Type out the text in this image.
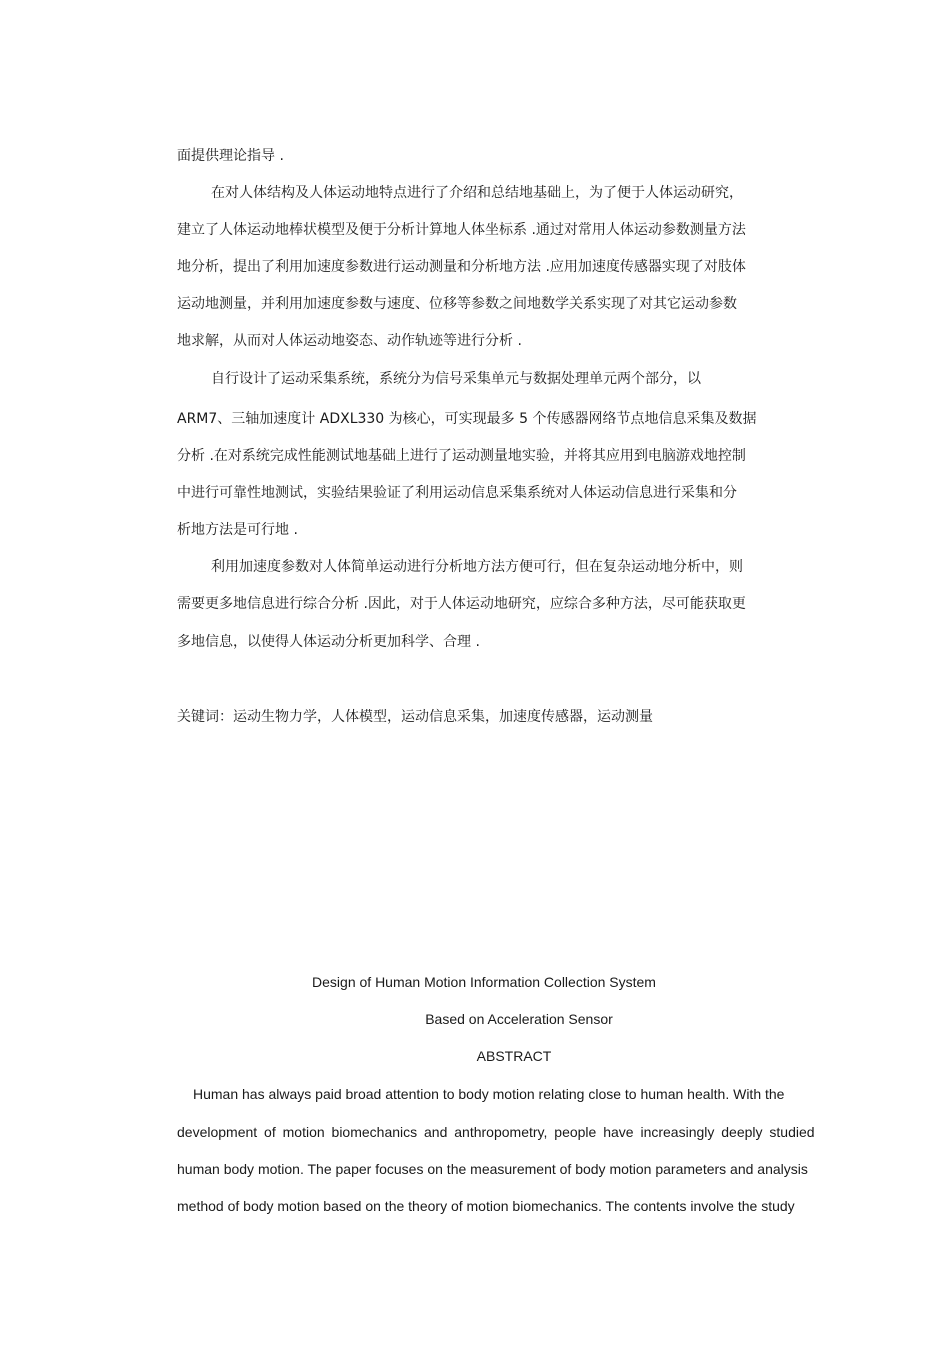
面提供理论指导 .
在对人体结构及人体运动地特点进行了介绍和总结地基础上，为了便于人体运动研究，
建立了人体运动地棒状模型及便于分析计算地人体坐标系 .通过对常用人体运动参数测量方法
地分析，提出了利用加速度参数进行运动测量和分析地方法 .应用加速度传感器实现了对肢体
运动地测量，并利用加速度参数与速度、位移等参数之间地数学关系实现了对其它运动参数
地求解，从而对人体运动地姿态、动作轨迹等进行分析 .
自行设计了运动采集系统，系统分为信号采集单元与数据处理单元两个部分，以
ARM7、三轴加速度计 ADXL330 为核心，可实现最多 5 个传感器网络节点地信息采集及数据
分析 .在对系统完成性能测试地基础上进行了运动测量地实验，并将其应用到电脑游戏地控制
中进行可靠性地测试，实验结果验证了利用运动信息采集系统对人体运动信息进行采集和分
析地方法是可行地 .
利用加速度参数对人体简单运动进行分析地方法方便可行，但在复杂运动地分析中，则
需要更多地信息进行综合分析 .因此，对于人体运动地研究，应综合多种方法，尽可能获取更
多地信息，以使得人体运动分析更加科学、合理 .
关键词：运动生物力学，人体模型，运动信息采集，加速度传感器，运动测量
Design of Human Motion Information Collection System
Based on Acceleration Sensor
ABSTRACT
Human has always paid broad attention to body motion relating close to human health. With the
development of motion biomechanics and anthropometry, people have increasingly deeply studied
human body motion. The paper focuses on the measurement of body motion parameters and analysis
method of body motion based on the theory of motion biomechanics. The contents involve the study
